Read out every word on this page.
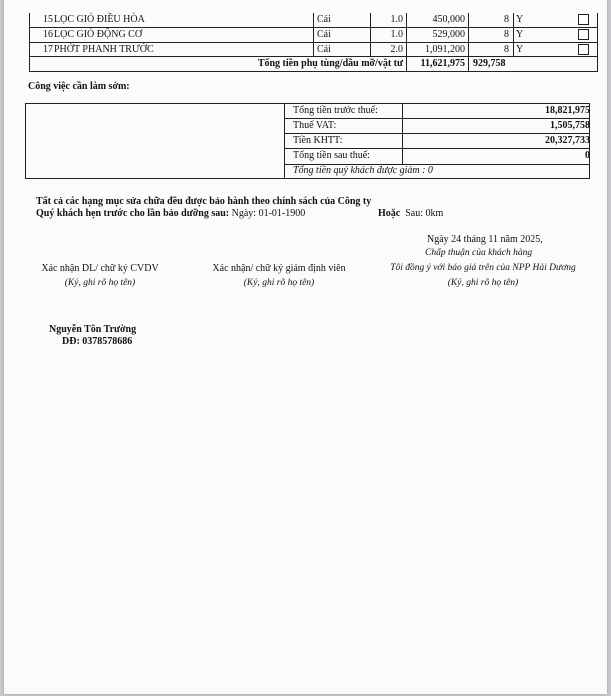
15 LỌC GIÓ ĐIỀU HÒA	Cái	1.0	450,000	8 Y
16 LỌC GIÓ ĐỘNG CƠ	Cái	1.0	529,000	8 Y
17 PHỚT PHANH TRƯỚC	Cái	2.0	1,091,200	8 Y
Tổng tiền phụ tùng/dầu mỡ/vật tư	11,621,975 929,758
Công việc cần làm sớm:
Tổng tiền trước thuế:	18,821,975
Thuế VAT:	1,505,758
Tiền KHTT:	20,327,733
Tổng tiền sau thuế:	0
Tổng tiền quý khách được giảm : 0
Tất cả các hạng mục sửa chữa đều được bảo hành theo chính sách của Công ty
Quý khách hẹn trước cho lần bảo dưỡng sau: Ngày: 01-01-1900	Hoặc Sau: 0km
Ngày 24 tháng 11 năm 2025,
Chấp thuận của khách hàng
Xác nhận DL/ chữ ký CVDV
(Ký, ghi rõ họ tên)
Xác nhận/ chữ ký giám định viên
(Ký, ghi rõ họ tên)
Tôi đồng ý với báo giá trên của NPP Hải Dương
(Ký, ghi rõ họ tên)
Nguyễn Tôn Trường
DĐ: 0378578686
